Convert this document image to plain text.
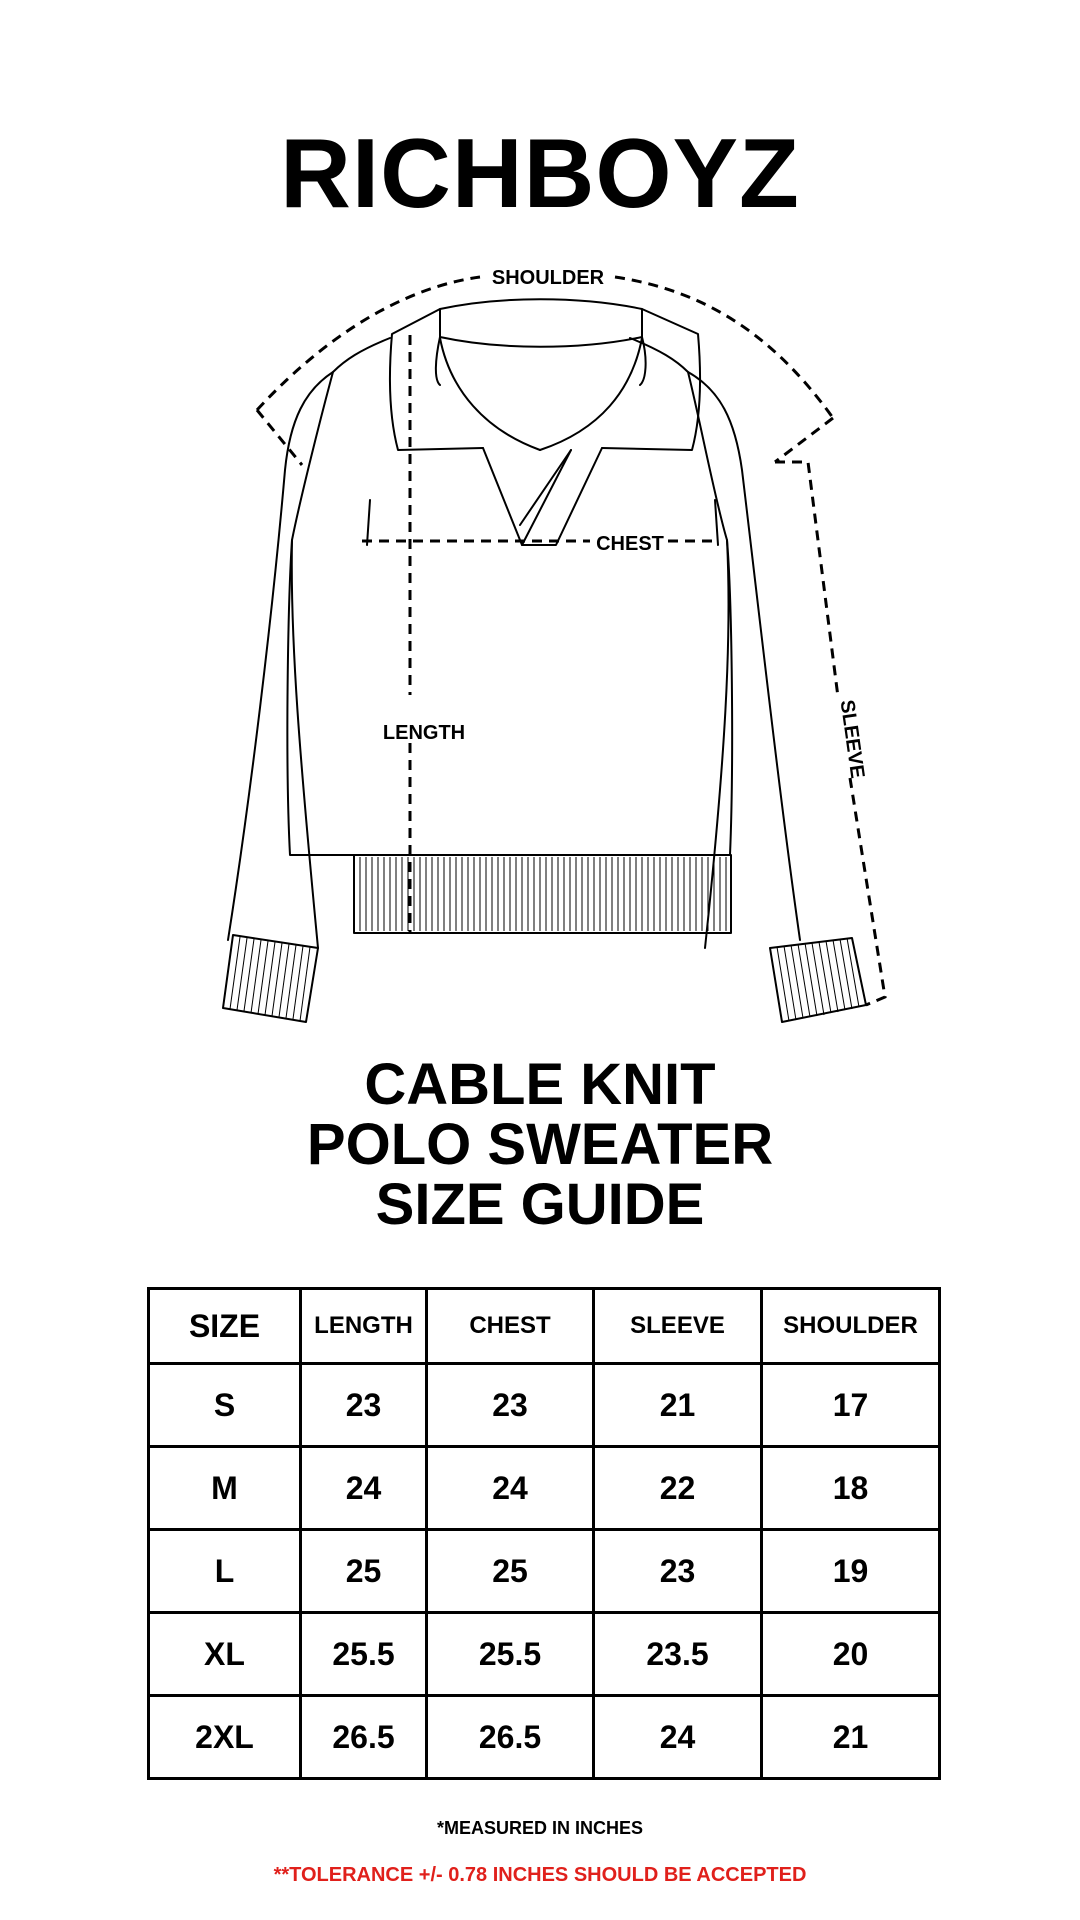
RICHBOYZ
SHOULDER
CHEST
LENGTH	SLEEVE
CABLE KNIT
POLO SWEATER
SIZE GUIDE
SIZE	LENGTH	CHEST	SLEEVE	SHOULDER
S	23	23	21	17
M	24	24	22	18
L	25	25	23	19
XL	25.5	25.5	23.5	20
2XL	26.5	26.5	24	21
*MEASURED IN INCHES
**TOLERANCE +/- 0.78 INCHES SHOULD BE ACCEPTED
